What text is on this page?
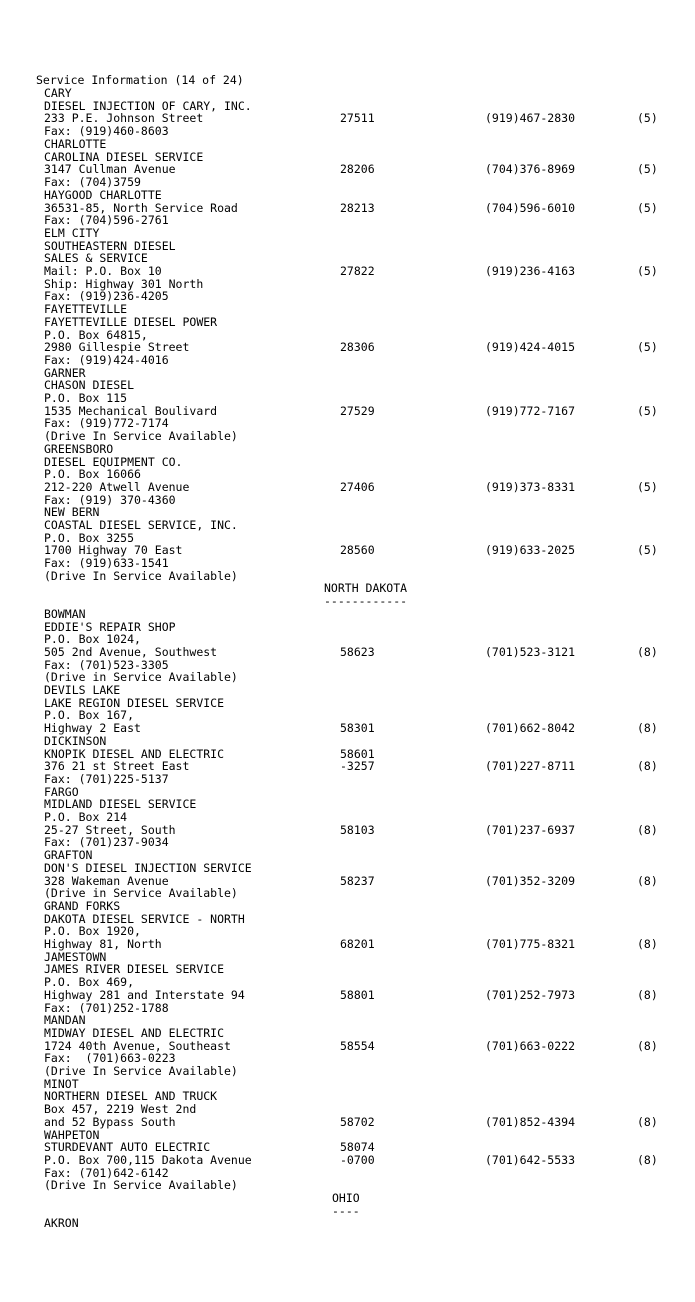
Service Information (14 of 24)
CARY
DIESEL INJECTION OF CARY, INC.
233 P.E. Johnson Street	27511	(919)467-2830	(5)
Fax: (919)460-8603
CHARLOTTE
CAROLINA DIESEL SERVICE
3147 Cullman Avenue	28206	(704)376-8969	(5)
Fax: (704)3759
HAYGOOD CHARLOTTE
36531-85, North Service Road	28213	(704)596-6010	(5)
Fax: (704)596-2761
ELM CITY
SOUTHEASTERN DIESEL
SALES & SERVICE
Mail: P.O. Box 10	27822	(919)236-4163	(5)
Ship: Highway 301 North
Fax: (919)236-4205
FAYETTEVILLE
FAYETTEVILLE DIESEL POWER
P.O. Box 64815,
2980 Gillespie Street	28306	(919)424-4015	(5)
Fax: (919)424-4016
GARNER
CHASON DIESEL
P.O. Box 115
1535 Mechanical Boulivard	27529	(919)772-7167	(5)
Fax: (919)772-7174
(Drive In Service Available)
GREENSBORO
DIESEL EQUIPMENT CO.
P.O. Box 16066
212-220 Atwell Avenue	27406	(919)373-8331	(5)
Fax: (919) 370-4360
NEW BERN
COASTAL DIESEL SERVICE, INC.
P.O. Box 3255
1700 Highway 70 East	28560	(919)633-2025	(5)
Fax: (919)633-1541
(Drive In Service Available)
NORTH DAKOTA
------------
BOWMAN
EDDIE'S REPAIR SHOP
P.O. Box 1024,
505 2nd Avenue, Southwest	58623	(701)523-3121	(8)
Fax: (701)523-3305
(Drive in Service Available)
DEVILS LAKE
LAKE REGION DIESEL SERVICE
P.O. Box 167,
Highway 2 East	58301	(701)662-8042	(8)
DICKINSON
KNOPIK DIESEL AND ELECTRIC	58601
376 21 st Street East	-3257	(701)227-8711	(8)
Fax: (701)225-5137
FARGO
MIDLAND DIESEL SERVICE
P.O. Box 214
25-27 Street, South	58103	(701)237-6937	(8)
Fax: (701)237-9034
GRAFTON
DON'S DIESEL INJECTION SERVICE
328 Wakeman Avenue	58237	(701)352-3209	(8)
(Drive in Service Available)
GRAND FORKS
DAKOTA DIESEL SERVICE - NORTH
P.O. Box 1920,
Highway 81, North	68201	(701)775-8321	(8)
JAMESTOWN
JAMES RIVER DIESEL SERVICE
P.O. Box 469,
Highway 281 and Interstate 94	58801	(701)252-7973	(8)
Fax: (701)252-1788
MANDAN
MIDWAY DIESEL AND ELECTRIC
1724 40th Avenue, Southeast	58554	(701)663-0222	(8)
Fax:  (701)663-0223
(Drive In Service Available)
MINOT
NORTHERN DIESEL AND TRUCK
Box 457, 2219 West 2nd
and 52 Bypass South	58702	(701)852-4394	(8)
WAHPETON
STURDEVANT AUTO ELECTRIC	58074
P.O. Box 700,115 Dakota Avenue	-0700	(701)642-5533	(8)
Fax: (701)642-6142
(Drive In Service Available)
OHIO
----
AKRON
